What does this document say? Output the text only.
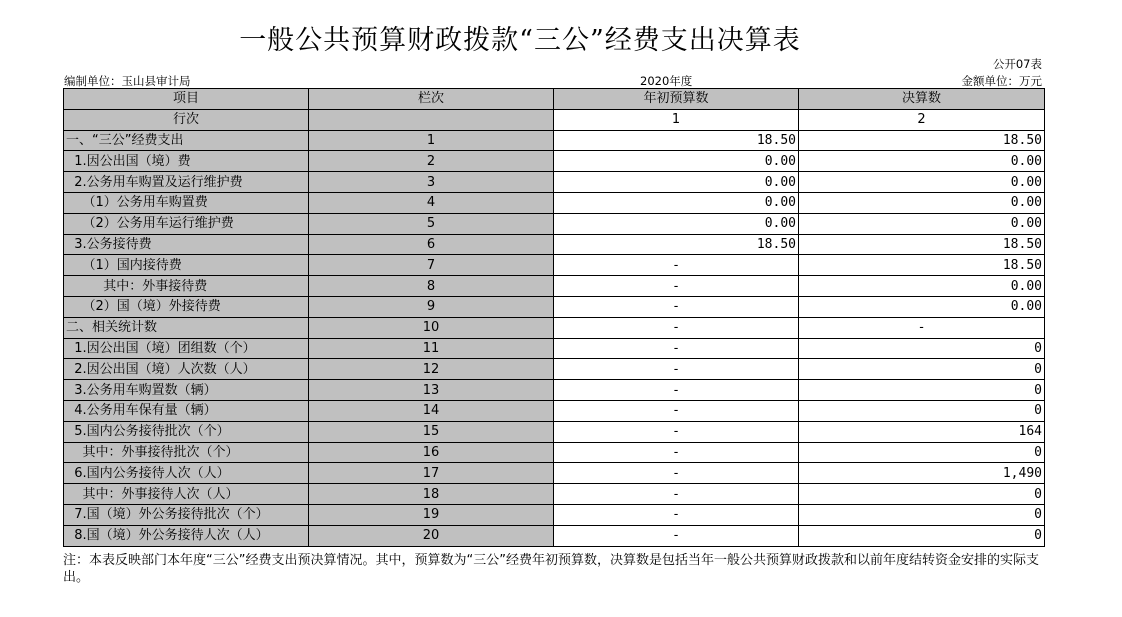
一般公共预算财政拨款“三公”经费支出决算表
公开07表
编制单位：玉山县审计局	2020年度	金额单位：万元
项目	栏次	年初预算数	决算数
行次		1	2
一、“三公”经费支出	1	18.50	18.50
1.因公出国（境）费	2	0.00	0.00
2.公务用车购置及运行维护费	3	0.00	0.00
（1）公务用车购置费	4	0.00	0.00
（2）公务用车运行维护费	5	0.00	0.00
3.公务接待费	6	18.50	18.50
（1）国内接待费	7	-	18.50
其中：外事接待费	8	-	0.00
（2）国（境）外接待费	9	-	0.00
二、相关统计数	10	-	-
1.因公出国（境）团组数（个）	11	-	0
2.因公出国（境）人次数（人）	12	-	0
3.公务用车购置数（辆）	13	-	0
4.公务用车保有量（辆）	14	-	0
5.国内公务接待批次（个）	15	-	164
其中：外事接待批次（个）	16	-	0
6.国内公务接待人次（人）	17	-	1,490
其中：外事接待人次（人）	18	-	0
7.国（境）外公务接待批次（个）	19	-	0
8.国（境）外公务接待人次（人）	20	-	0
注：本表反映部门本年度“三公”经费支出预决算情况。其中，预算数为“三公”经费年初预算数，决算数是包括当年一般公共预算财政拨款和以前年度结转资金安排的实际支出。
